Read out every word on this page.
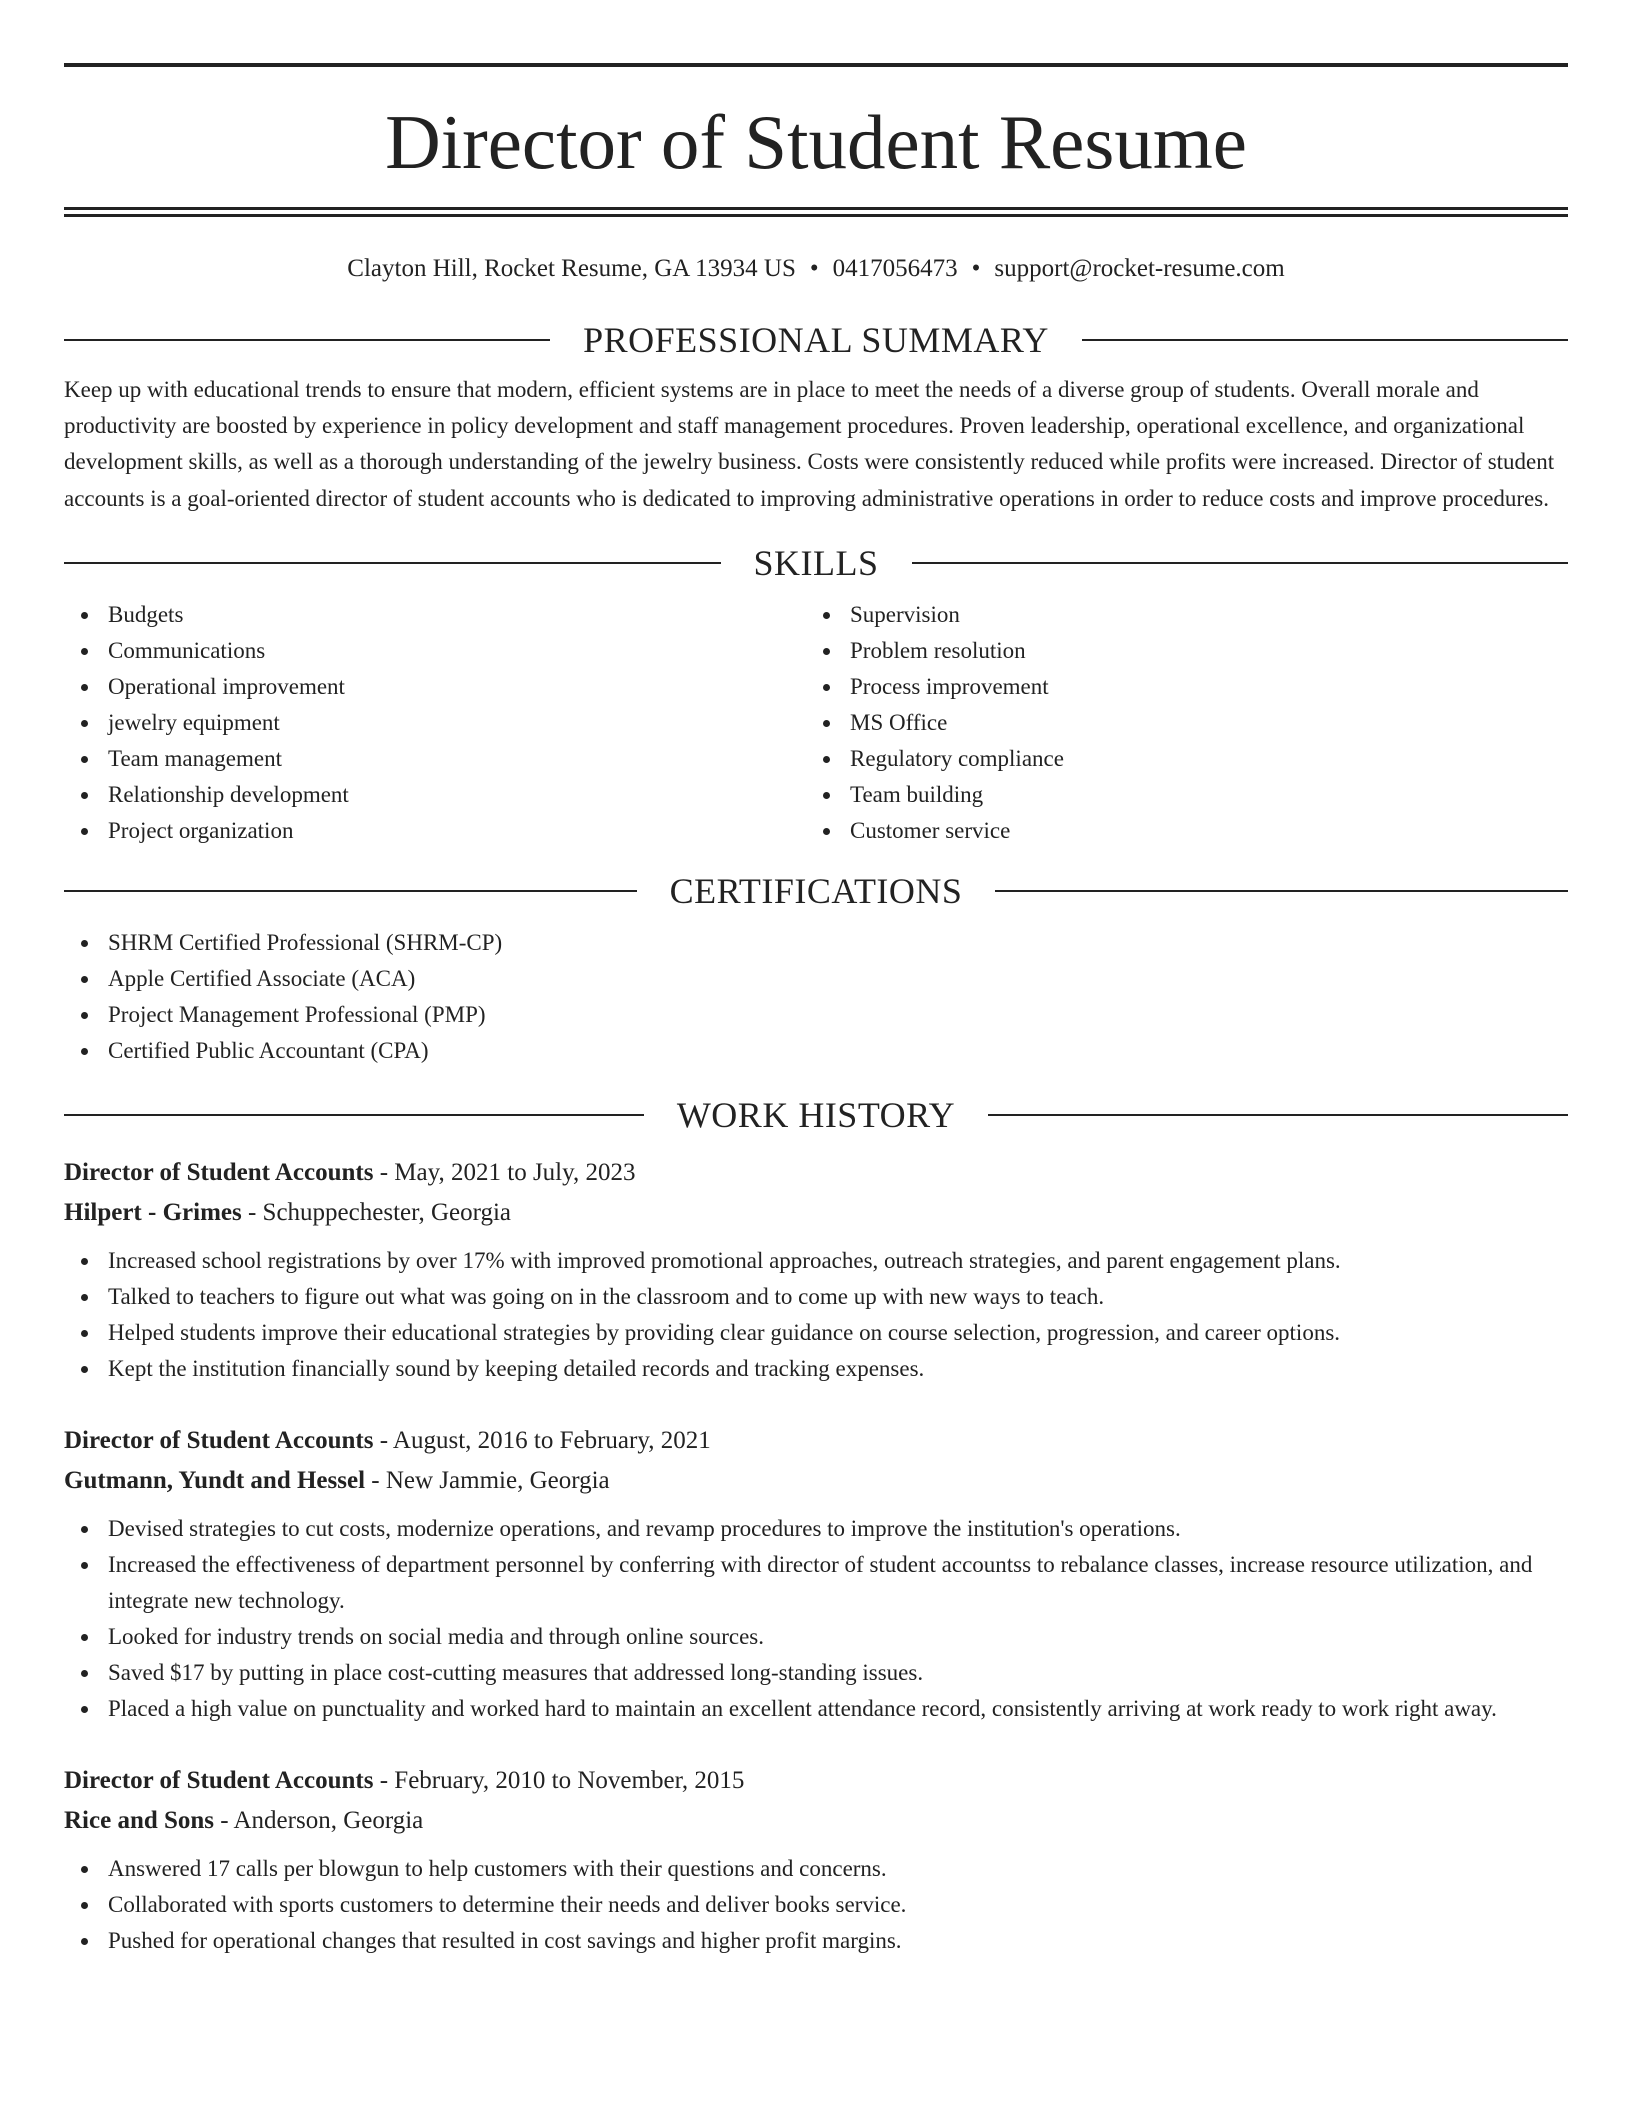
Director of Student Resume
Clayton Hill, Rocket Resume, GA 13934 US • 0417056473 • support@rocket-resume.com
PROFESSIONAL SUMMARY

Keep up with educational trends to ensure that modern, efficient systems are in place to meet the needs of a diverse group of students. Overall morale and productivity are boosted by experience in policy development and staff management procedures. Proven leadership, operational excellence, and organizational development skills, as well as a thorough understanding of the jewelry business. Costs were consistently reduced while profits were increased. Director of student accounts is a goal-oriented director of student accounts who is dedicated to improving administrative operations in order to reduce costs and improve procedures.

SKILLS
Budgets
Communications
Operational improvement
jewelry equipment
Team management
Relationship development
Project organization
Supervision
Problem resolution
Process improvement
MS Office
Regulatory compliance
Team building
Customer service
CERTIFICATIONS
SHRM Certified Professional (SHRM-CP)
Apple Certified Associate (ACA)
Project Management Professional (PMP)
Certified Public Accountant (CPA)
WORK HISTORY
Director of Student Accounts - May, 2021 to July, 2023
Hilpert - Grimes - Schuppechester, Georgia
Increased school registrations by over 17% with improved promotional approaches, outreach strategies, and parent engagement plans.
Talked to teachers to figure out what was going on in the classroom and to come up with new ways to teach.
Helped students improve their educational strategies by providing clear guidance on course selection, progression, and career options.
Kept the institution financially sound by keeping detailed records and tracking expenses.
Director of Student Accounts - August, 2016 to February, 2021
Gutmann, Yundt and Hessel - New Jammie, Georgia
Devised strategies to cut costs, modernize operations, and revamp procedures to improve the institution's operations.
Increased the effectiveness of department personnel by conferring with director of student accountss to rebalance classes, increase resource utilization, and integrate new technology.
Looked for industry trends on social media and through online sources.
Saved $17 by putting in place cost-cutting measures that addressed long-standing issues.
Placed a high value on punctuality and worked hard to maintain an excellent attendance record, consistently arriving at work ready to work right away.
Director of Student Accounts - February, 2010 to November, 2015
Rice and Sons - Anderson, Georgia
Answered 17 calls per blowgun to help customers with their questions and concerns.
Collaborated with sports customers to determine their needs and deliver books service.
Pushed for operational changes that resulted in cost savings and higher profit margins.
